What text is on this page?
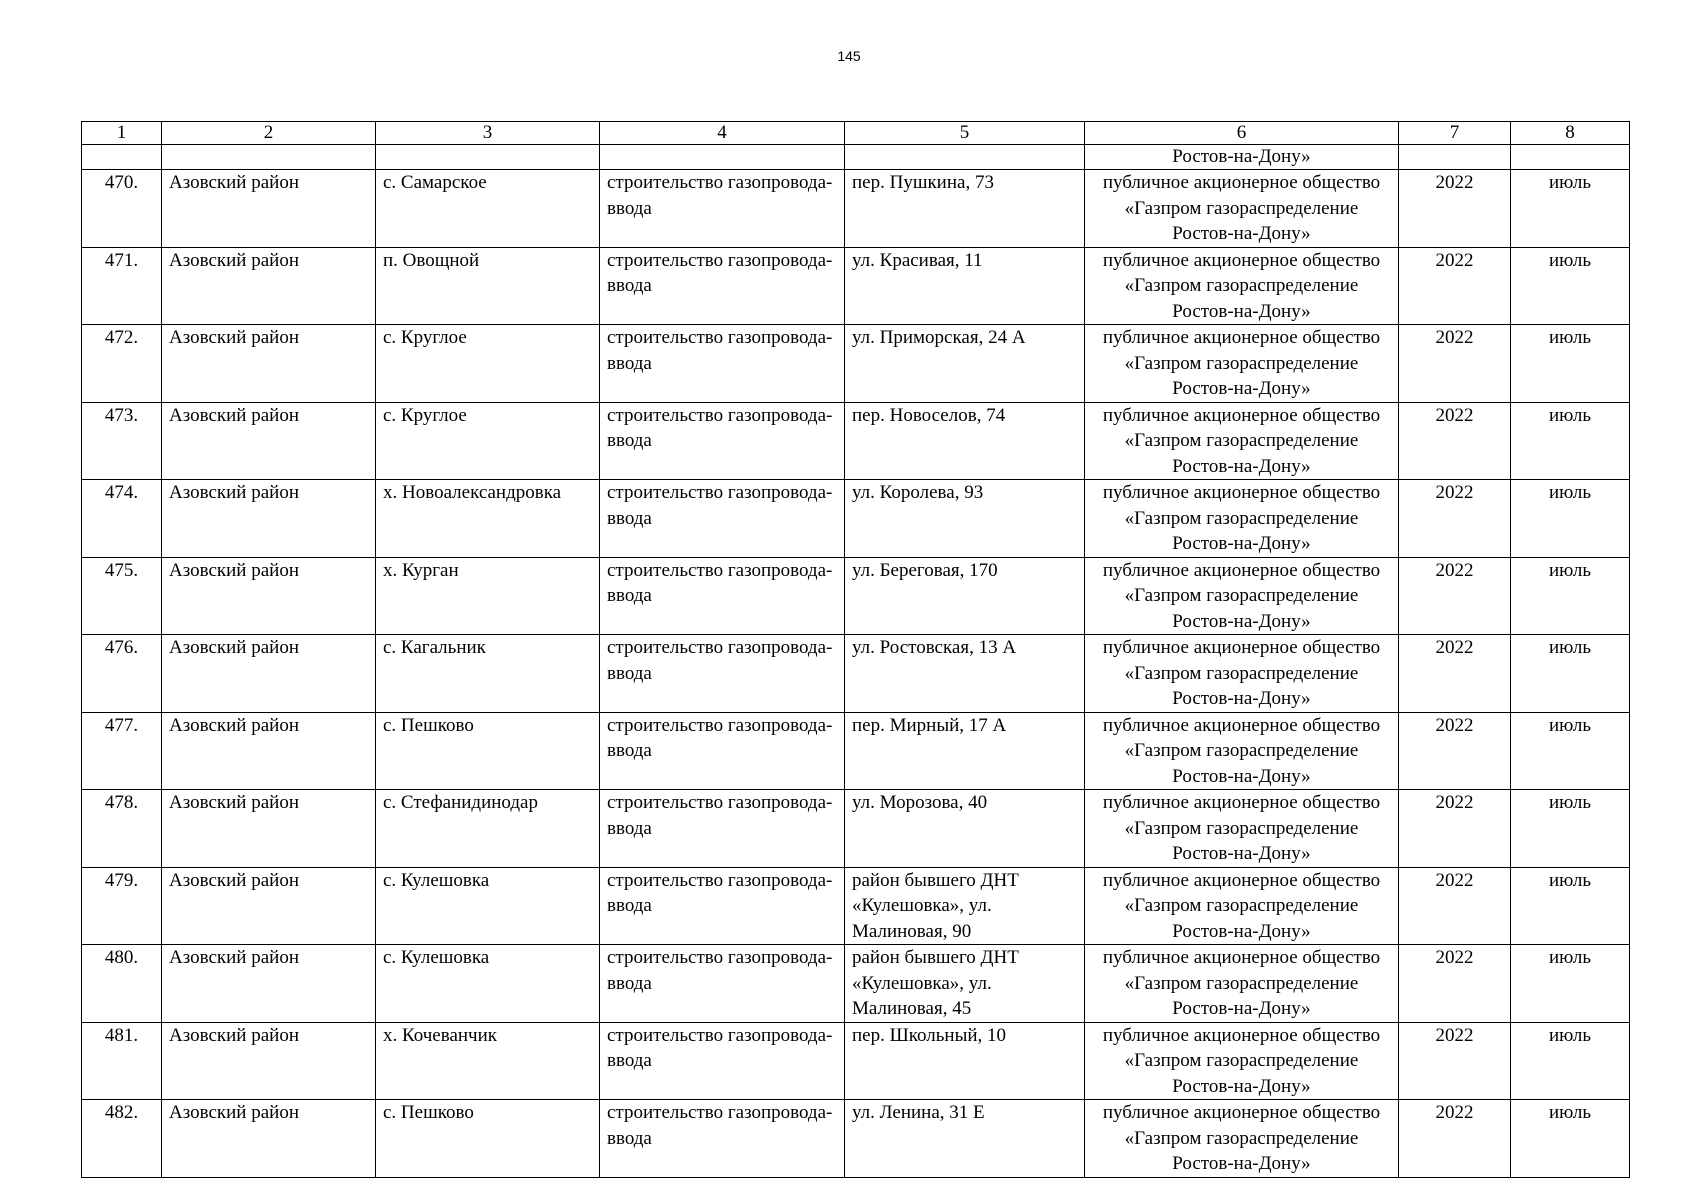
145
1	2	3	4	5	6	7	8
					Ростов-на-Дону»		
470.	Азовский район	с. Самарское	строительство газопровода-ввода	пер. Пушкина, 73	публичное акционерное общество «Газпром газораспределение Ростов-на-Дону»	2022	июль
471.	Азовский район	п. Овощной	строительство газопровода-ввода	ул. Красивая, 11	публичное акционерное общество «Газпром газораспределение Ростов-на-Дону»	2022	июль
472.	Азовский район	с. Круглое	строительство газопровода-ввода	ул. Приморская, 24 А	публичное акционерное общество «Газпром газораспределение Ростов-на-Дону»	2022	июль
473.	Азовский район	с. Круглое	строительство газопровода-ввода	пер. Новоселов, 74	публичное акционерное общество «Газпром газораспределение Ростов-на-Дону»	2022	июль
474.	Азовский район	х. Новоалександровка	строительство газопровода-ввода	ул. Королева, 93	публичное акционерное общество «Газпром газораспределение Ростов-на-Дону»	2022	июль
475.	Азовский район	х. Курган	строительство газопровода-ввода	ул. Береговая, 170	публичное акционерное общество «Газпром газораспределение Ростов-на-Дону»	2022	июль
476.	Азовский район	с. Кагальник	строительство газопровода-ввода	ул. Ростовская, 13 А	публичное акционерное общество «Газпром газораспределение Ростов-на-Дону»	2022	июль
477.	Азовский район	с. Пешково	строительство газопровода-ввода	пер. Мирный, 17 А	публичное акционерное общество «Газпром газораспределение Ростов-на-Дону»	2022	июль
478.	Азовский район	с. Стефанидинодар	строительство газопровода-ввода	ул. Морозова, 40	публичное акционерное общество «Газпром газораспределение Ростов-на-Дону»	2022	июль
479.	Азовский район	с. Кулешовка	строительство газопровода-ввода	район бывшего ДНТ «Кулешовка», ул. Малиновая, 90	публичное акционерное общество «Газпром газораспределение Ростов-на-Дону»	2022	июль
480.	Азовский район	с. Кулешовка	строительство газопровода-ввода	район бывшего ДНТ «Кулешовка», ул. Малиновая, 45	публичное акционерное общество «Газпром газораспределение Ростов-на-Дону»	2022	июль
481.	Азовский район	х. Кочеванчик	строительство газопровода-ввода	пер. Школьный, 10	публичное акционерное общество «Газпром газораспределение Ростов-на-Дону»	2022	июль
482.	Азовский район	с. Пешково	строительство газопровода-ввода	ул. Ленина, 31 Е	публичное акционерное общество «Газпром газораспределение Ростов-на-Дону»	2022	июль
